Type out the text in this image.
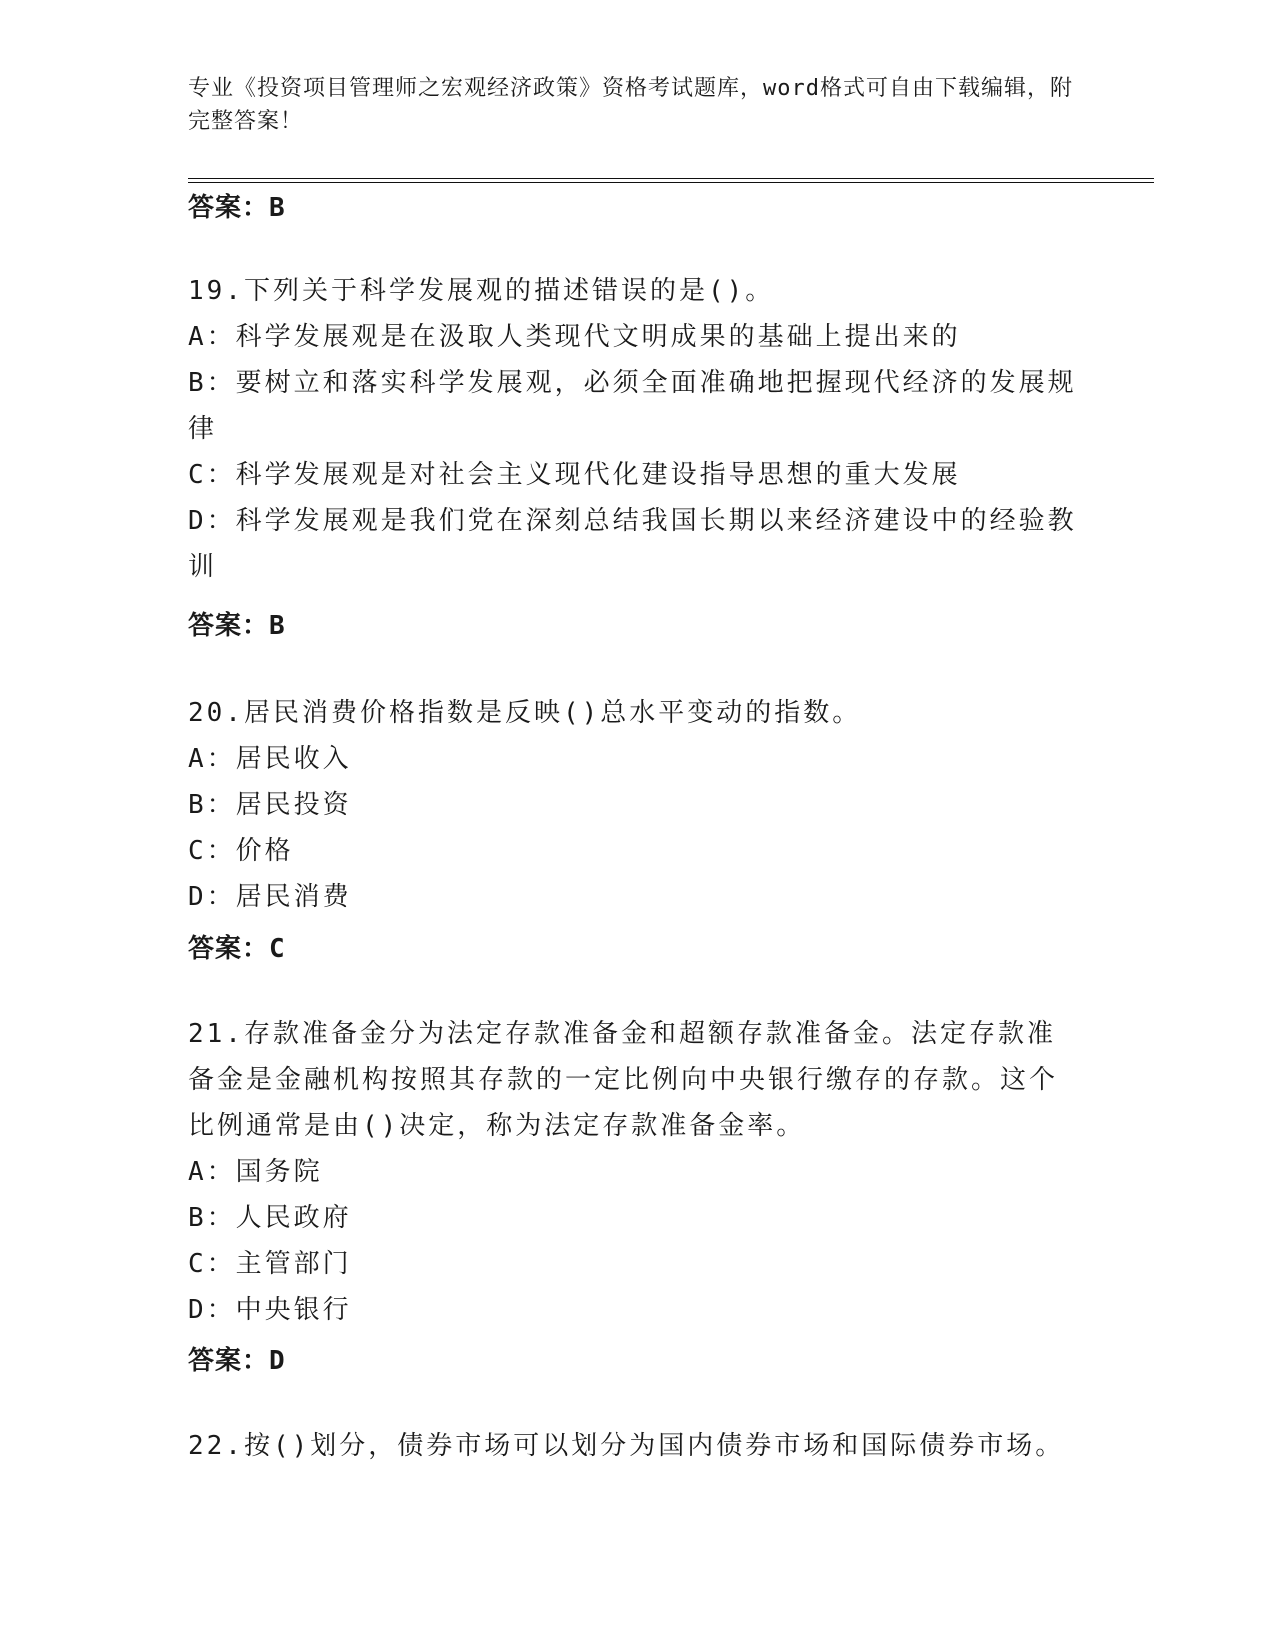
专业《投资项目管理师之宏观经济政策》资格考试题库，word格式可自由下载编辑，附完整答案！
答案：B
19.下列关于科学发展观的描述错误的是()。
A：科学发展观是在汲取人类现代文明成果的基础上提出来的
B：要树立和落实科学发展观，必须全面准确地把握现代经济的发展规律
C：科学发展观是对社会主义现代化建设指导思想的重大发展
D：科学发展观是我们党在深刻总结我国长期以来经济建设中的经验教训
答案：B
20.居民消费价格指数是反映()总水平变动的指数。
A：居民收入
B：居民投资
C：价格
D：居民消费
答案：C
21.存款准备金分为法定存款准备金和超额存款准备金。法定存款准备金是金融机构按照其存款的一定比例向中央银行缴存的存款。这个比例通常是由()决定，称为法定存款准备金率。
A：国务院
B：人民政府
C：主管部门
D：中央银行
答案：D
22.按()划分，债券市场可以划分为国内债券市场和国际债券市场。
